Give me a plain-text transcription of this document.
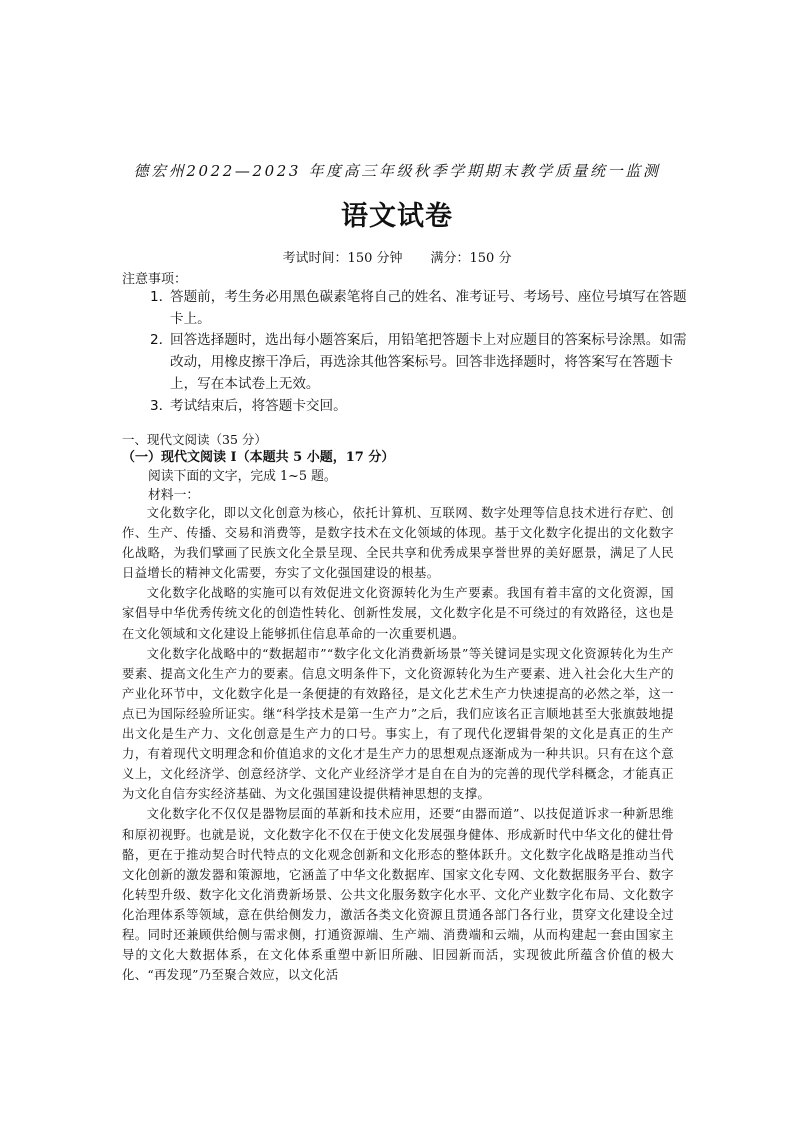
德宏州2022—2023 年度高三年级秋季学期期末教学质量统一监测
语文试卷
考试时间：150 分钟 满分：150 分
注意事项：
1．
答题前，考生务必用黑色碳素笔将自己的姓名、准考证号、考场号、座位号填写在答题卡上。
2．
回答选择题时，选出每小题答案后，用铅笔把答题卡上对应题目的答案标号涂黑。如需改动，用橡皮擦干净后，再选涂其他答案标号。回答非选择题时，将答案写在答题卡上，写在本试卷上无效。
3．
考试结束后，将答题卡交回。
一、现代文阅读（35 分）
（一）现代文阅读 I（本题共 5 小题，17 分）
阅读下面的文字，完成 1~5 题。
材料一：

文化数字化，即以文化创意为核心，依托计算机、互联网、数字处理等信息技术进行存贮、创作、生产、传播、交易和消费等，是数字技术在文化领域的体现。基于文化数字化提出的文化数字化战略，为我们擘画了民族文化全景呈现、全民共享和优秀成果享誉世界的美好愿景，满足了人民日益增长的精神文化需要，夯实了文化强国建设的根基。

文化数字化战略的实施可以有效促进文化资源转化为生产要素。我国有着丰富的文化资源，国家倡导中华优秀传统文化的创造性转化、创新性发展，文化数字化是不可绕过的有效路径，这也是在文化领域和文化建设上能够抓住信息革命的一次重要机遇。

文化数字化战略中的“数据超市”“数字化文化消费新场景”等关键词是实现文化资源转化为生产要素、提高文化生产力的要素。信息文明条件下，文化资源转化为生产要素、进入社会化大生产的产业化环节中，文化数字化是一条便捷的有效路径，是文化艺术生产力快速提高的必然之举，这一点已为国际经验所证实。继“科学技术是第一生产力”之后，我们应该名正言顺地甚至大张旗鼓地提出文化是生产力、文化创意是生产力的口号。事实上，有了现代化逻辑骨架的文化是真正的生产力，有着现代文明理念和价值追求的文化才是生产力的思想观点逐渐成为一种共识。只有在这个意义上，文化经济学、创意经济学、文化产业经济学才是自在自为的完善的现代学科概念，才能真正为文化自信夯实经济基础、为文化强国建设提供精神思想的支撑。

文化数字化不仅仅是器物层面的革新和技术应用，还要“由器而道”、以技促道诉求一种新思维和原初视野。也就是说，文化数字化不仅在于使文化发展强身健体、形成新时代中华文化的健壮骨骼，更在于推动契合时代特点的文化观念创新和文化形态的整体跃升。文化数字化战略是推动当代文化创新的激发器和策源地，它涵盖了中华文化数据库、国家文化专网、文化数据服务平台、数字化转型升级、数字化文化消费新场景、公共文化服务数字化水平、文化产业数字化布局、文化数字化治理体系等领域，意在供给侧发力，激活各类文化资源且贯通各部门各行业，贯穿文化建设全过程。同时还兼顾供给侧与需求侧，打通资源端、生产端、消费端和云端，从而构建起一套由国家主导的文化大数据体系，在文化体系重塑中新旧所融、旧园新而活，实现彼此所蕴含价值的极大化、“再发现”乃至聚合效应，以文化活
